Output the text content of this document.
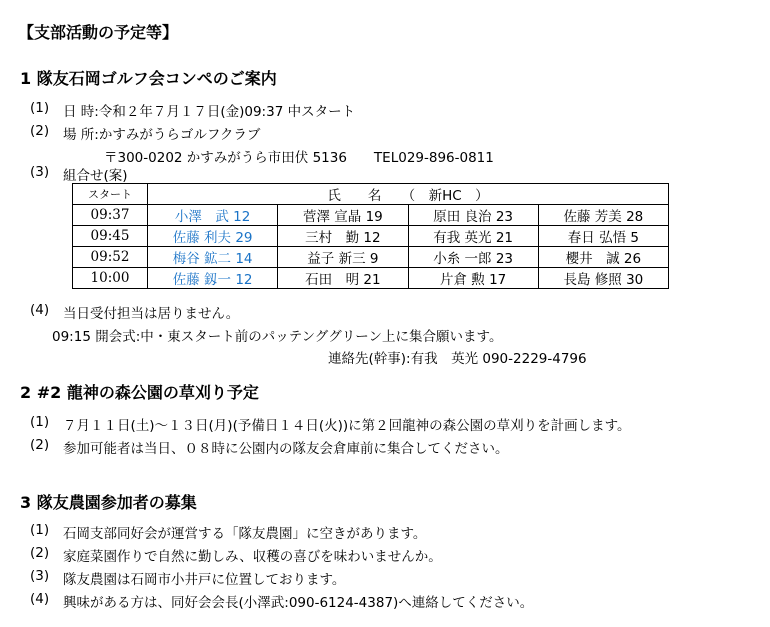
【支部活動の予定等】
1 隊友石岡ゴルフ会コンペのご案内
(1) 日 時:令和２年７月１７日(金)09:37 中スタート
(2) 場 所:かすみがうらゴルフクラブ
〒300-0202 かすみがうら市田伏 5136　　TEL029-896-0811
(3) 組合せ(案)
スタート	氏　　名　　（　新HC　）			
09:37	小澤　武 12	菅澤 宣晶 19	原田 良治 23	佐藤 芳美 28
09:45	佐藤 利夫 29	三村　勤 12	有我 英光 21	春日 弘悟 5
09:52	梅谷 鉱二 14	益子 新三 9	小糸 一郎 23	櫻井　誠 26
10:00	佐藤 釼一 12	石田　明 21	片倉 勲 17	長島 修照 30
(4) 当日受付担当は居りません。
09:15 開会式:中・東スタート前のパッテンググリーン上に集合願います。
連絡先(幹事):有我　英光 090-2229-4796
2 #2 龍神の森公園の草刈り予定
(1) ７月１１日(土)～１３日(月)(予備日１４日(火))に第２回龍神の森公園の草刈りを計画します。
(2) 参加可能者は当日、０８時に公園内の隊友会倉庫前に集合してください。
3 隊友農園参加者の募集
(1) 石岡支部同好会が運営する「隊友農園」に空きがあります。
(2) 家庭菜園作りで自然に勤しみ、収穫の喜びを味わいませんか。
(3) 隊友農園は石岡市小井戸に位置しております。
(4) 興味がある方は、同好会会長(小澤武:090-6124-4387)へ連絡してください。
